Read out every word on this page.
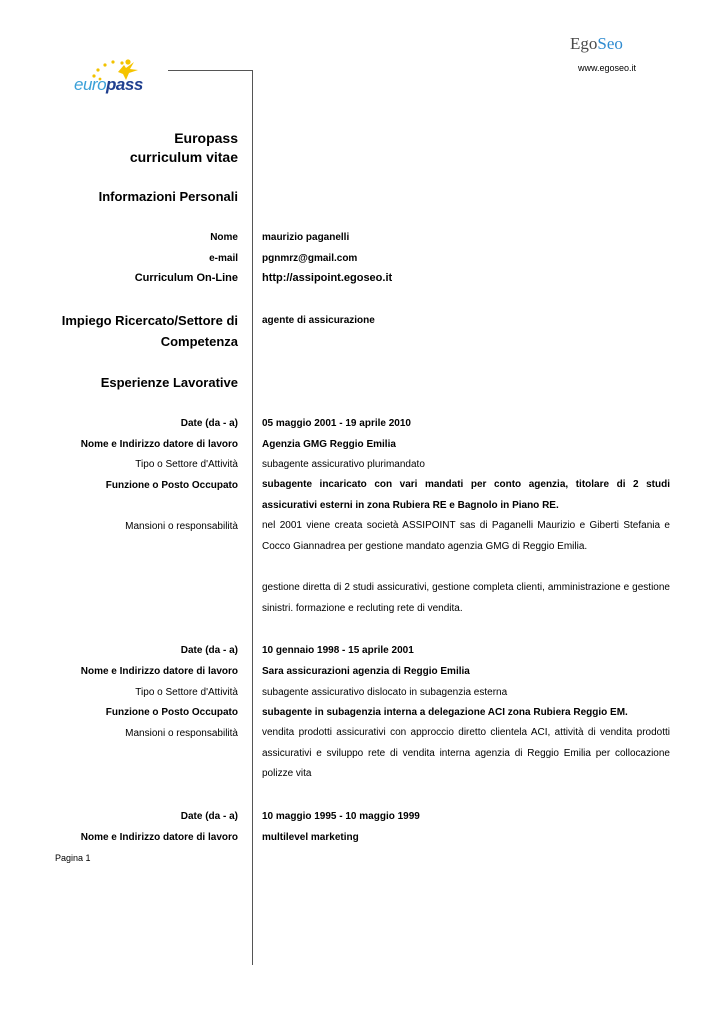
europass
EgoSeo
www.egoseo.it
Europass
curriculum vitae
Informazioni Personali
Nome maurizio paganelli
e-mail pgnmrz@gmail.com
Curriculum On-Line http://assipoint.egoseo.it
Impiego Ricercato/Settore di
Competenza
agente di assicurazione
Esperienze Lavorative
Date (da - a) 05 maggio 2001 - 19 aprile 2010
Nome e Indirizzo datore di lavoro Agenzia GMG Reggio Emilia
Tipo o Settore d'Attività subagente assicurativo plurimandato
Funzione o Posto Occupato subagente incaricato con vari mandati per conto agenzia, titolare di 2 studi assicurativi esterni in zona Rubiera RE e Bagnolo in Piano RE.
Mansioni o responsabilità nel 2001 viene creata società ASSIPOINT sas di Paganelli Maurizio e Giberti Stefania e Cocco Giannadrea per gestione mandato agenzia GMG di Reggio Emilia.
gestione diretta di 2 studi assicurativi, gestione completa clienti, amministrazione e gestione sinistri. formazione e recluting rete di vendita.
Date (da - a) 10 gennaio 1998 - 15 aprile 2001
Nome e Indirizzo datore di lavoro Sara assicurazioni agenzia di Reggio Emilia
Tipo o Settore d'Attività subagente assicurativo dislocato in subagenzia esterna
Funzione o Posto Occupato subagente in subagenzia interna a delegazione ACI zona Rubiera Reggio EM.
Mansioni o responsabilità vendita prodotti assicurativi con approccio diretto clientela ACI, attività di vendita prodotti assicurativi e sviluppo rete di vendita interna agenzia di Reggio Emilia per collocazione polizze vita
Date (da - a) 10 maggio 1995 - 10 maggio 1999
Nome e Indirizzo datore di lavoro multilevel marketing
Pagina 1
